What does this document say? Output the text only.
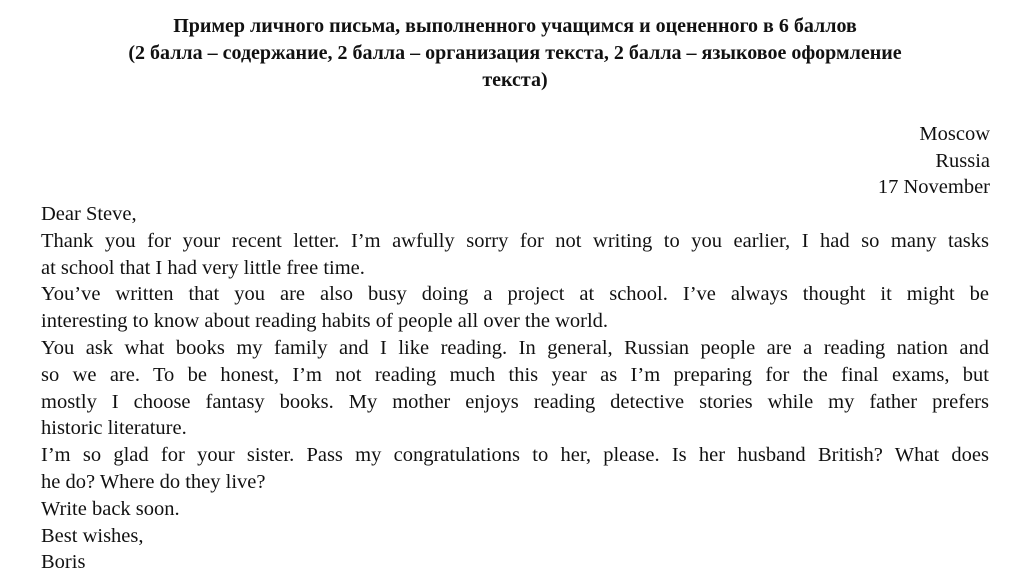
Пример личного письма, выполненного учащимся и оцененного в 6 баллов
(2 балла – содержание, 2 балла – организация текста, 2 балла – языковое оформление
текста)
Moscow
Russia
17 November
Dear Steve,
Thank you for your recent letter. I’m awfully sorry for not writing to you earlier, I had so many tasks
at school that I had very little free time.
You’ve written that you are also busy doing a project at school. I’ve always thought it might be
interesting to know about reading habits of people all over the world.
You ask what books my family and I like reading. In general, Russian people are a reading nation and
so we are. To be honest, I’m not reading much this year as I’m preparing for the final exams, but
mostly I choose fantasy books. My mother enjoys reading detective stories while my father prefers
historic literature.
I’m so glad for your sister. Pass my congratulations to her, please. Is her husband British? What does
he do? Where do they live?
Write back soon.
Best wishes,
Boris
